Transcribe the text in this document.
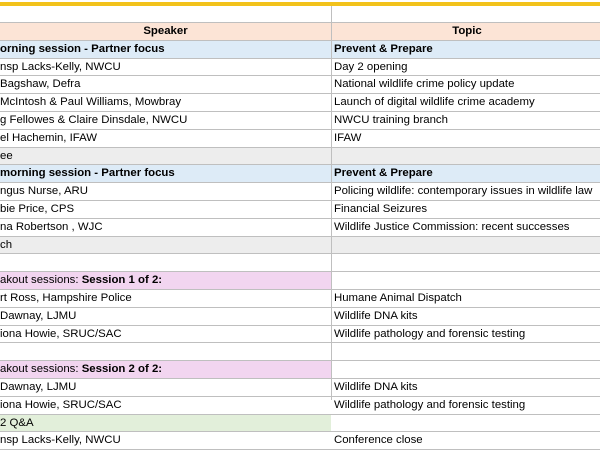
Speaker	Topic
orning session - Partner focus	Prevent & Prepare
nsp Lacks-Kelly, NWCU	Day 2 opening
Bagshaw, Defra	National wildlife crime policy update
McIntosh & Paul Williams, Mowbray	Launch of digital wildlife crime academy
g Fellowes & Claire Dinsdale, NWCU	NWCU training branch
el Hachemin, IFAW	IFAW
ee
morning session - Partner focus	Prevent & Prepare
ngus Nurse, ARU	Policing wildlife: contemporary issues in wildlife law
bie Price, CPS	Financial Seizures
na Robertson , WJC	Wildlife Justice Commission: recent successes
ch
akout sessions: Session 1 of 2:
rt Ross, Hampshire Police	Humane Animal Dispatch
Dawnay, LJMU	Wildlife DNA kits
iona Howie, SRUC/SAC	Wildlife pathology and forensic testing
akout sessions: Session 2 of 2:
Dawnay, LJMU	Wildlife DNA kits
iona Howie, SRUC/SAC	Wildlife pathology and forensic testing
2 Q&A
nsp Lacks-Kelly, NWCU	Conference close
